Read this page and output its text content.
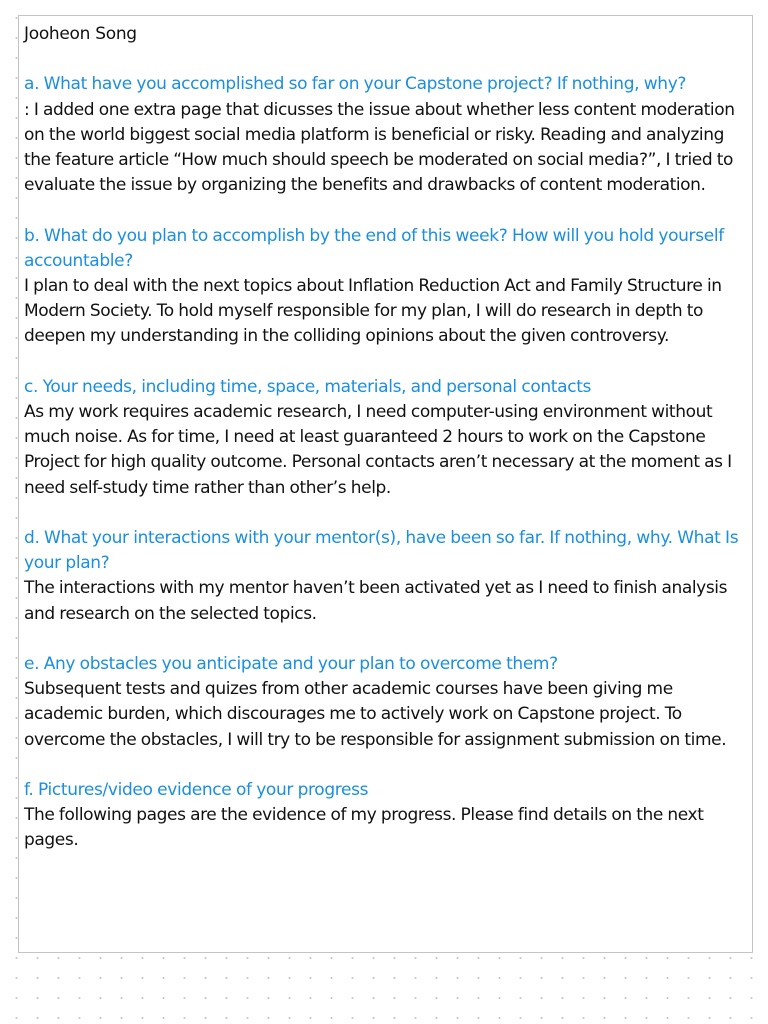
Jooheon Song

a. What have you accomplished so far on your Capstone project? If nothing, why?

: I added one extra page that dicusses the issue about whether less content moderation on the world biggest social media platform is beneficial or risky. Reading and analyzing the feature article “How much should speech be moderated on social media?”, I tried to evaluate the issue by organizing the benefits and drawbacks of content moderation.

b. What do you plan to accomplish by the end of this week? How will you hold yourself accountable?

I plan to deal with the next topics about Inflation Reduction Act and Family Structure in Modern Society. To hold myself responsible for my plan, I will do research in depth to deepen my understanding in the colliding opinions about the given controversy.

c. Your needs, including time, space, materials, and personal contacts

As my work requires academic research, I need computer-using environment without much noise. As for time, I need at least guaranteed 2 hours to work on the Capstone Project for high quality outcome. Personal contacts aren’t necessary at the moment as I need self-study time rather than other’s help.

d. What your interactions with your mentor(s), have been so far. If nothing, why. What Is your plan?

The interactions with my mentor haven’t been activated yet as I need to finish analysis and research on the selected topics.

e. Any obstacles you anticipate and your plan to overcome them?

Subsequent tests and quizes from other academic courses have been giving me academic burden, which discourages me to actively work on Capstone project. To overcome the obstacles, I will try to be responsible for assignment submission on time.

f. Pictures/video evidence of your progress

The following pages are the evidence of my progress. Please find details on the next pages.
